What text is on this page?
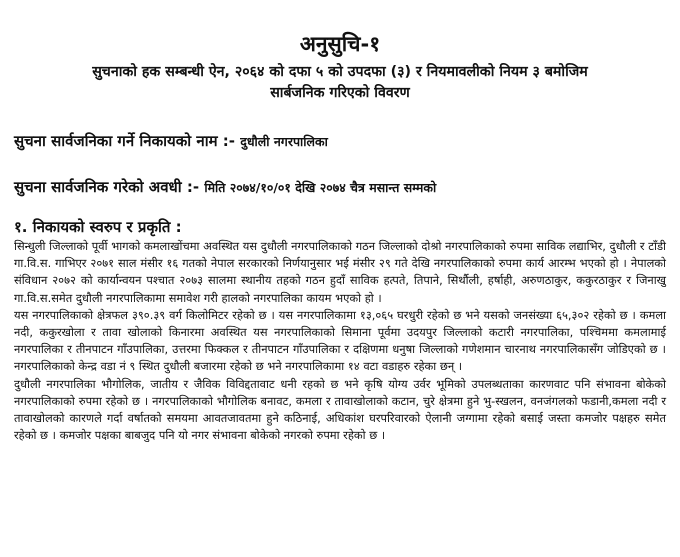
अनुसुचि-१

सुचनाको हक सम्बन्धी ऐन, २०६४ को दफा ५ को उपदफा (३) र नियमावलीको नियम ३ बमोजिम

सार्बजनिक गरिएको विवरण

सुचना सार्वजनिका गर्ने निकायको नाम :- दुधौली नगरपालिका
सुचना सार्वजनिक गरेको अवधी :- मिति २०७४/१०/०१ देखि २०७४ चैत्र मसान्त सम्मको
१. निकायको स्वरुप र प्रकृति :

सिन्धुली जिल्लाको पूर्वी भागको कमलाखोंचमा अवस्थित यस दुधौली नगरपालिकाको गठन जिल्लाको दोश्रो नगरपालिकाको रुपमा साविक लद्याभिर, दुधौली र टाँडी गा.वि.स. गाभिएर २०७१ साल मंसीर १६ गतको नेपाल सरकारको निर्णयानुसार भई मंसीर २९ गते देखि नगरपालिकाको रुपमा कार्य आरम्भ भएको हो । नेपालको संविधान २०७२ को कार्यान्वयन पश्चात २०७३ सालमा स्थानीय तहको गठन हुदाँ साविक हत्पते, तिपाने, सिर्थौली, हर्षाही, अरुणठाकुर, ककुरठाकुर र जिनाखु गा.वि.स.समेत दुधौली नगरपालिकामा समावेश गरी हालको नगरपालिका कायम भएको हो ।

यस नगरपालिकाको क्षेत्रफल ३९०.३९ वर्ग किलोमिटर रहेको छ । यस नगरपालिकामा १३,०६५ घरधुरी रहेको छ भने यसको जनसंख्या ६५,३०२ रहेको छ । कमला नदी, ककुरखोला र तावा खोलाको किनारमा अवस्थित यस नगरपालिकाको सिमाना पूर्वमा उदयपुर जिल्लाको कटारी नगरपालिका, पश्चिममा कमलामाई नगरपालिका र तीनपाटन गाँउपालिका, उत्तरमा फिक्कल र तीनपाटन गाँउपालिका र दक्षिणमा धनुषा जिल्लाको गणेशमान चारनाथ नगरपालिकासँग जोडिएको छ । नगरपालिकाको केन्द्र वडा नं ९ स्थित दुधौली बजारमा रहेको छ भने नगरपालिकामा १४ वटा वडाहरु रहेका छन् ।

दुधौली नगरपालिका भौगोलिक, जातीय र जैविक विविद्दतावाट धनी रहको छ भने कृषि योग्य उर्वर भूमिको उपलब्धताका कारणवाट पनि संभावना बोकेको नगरपालिकाको रुपमा रहेको छ । नगरपालिकाको भौगोलिक बनावट, कमला र तावाखोलाको कटान, चुरे क्षेत्रमा हुने भु-स्खलन, वनजंगलको फडानी,कमला नदी र तावाखोलको कारणले गर्दा वर्षातको समयमा आवतजावतमा हुने कठिनाई, अधिकांश घरपरिवारको ऐलानी जग्गामा रहेको बसाई जस्ता कमजोर पक्षहरु समेत रहेको छ । कमजोर पक्षका बाबजुद पनि यो नगर संभावना बोकेको नगरको रुपमा रहेको छ ।
